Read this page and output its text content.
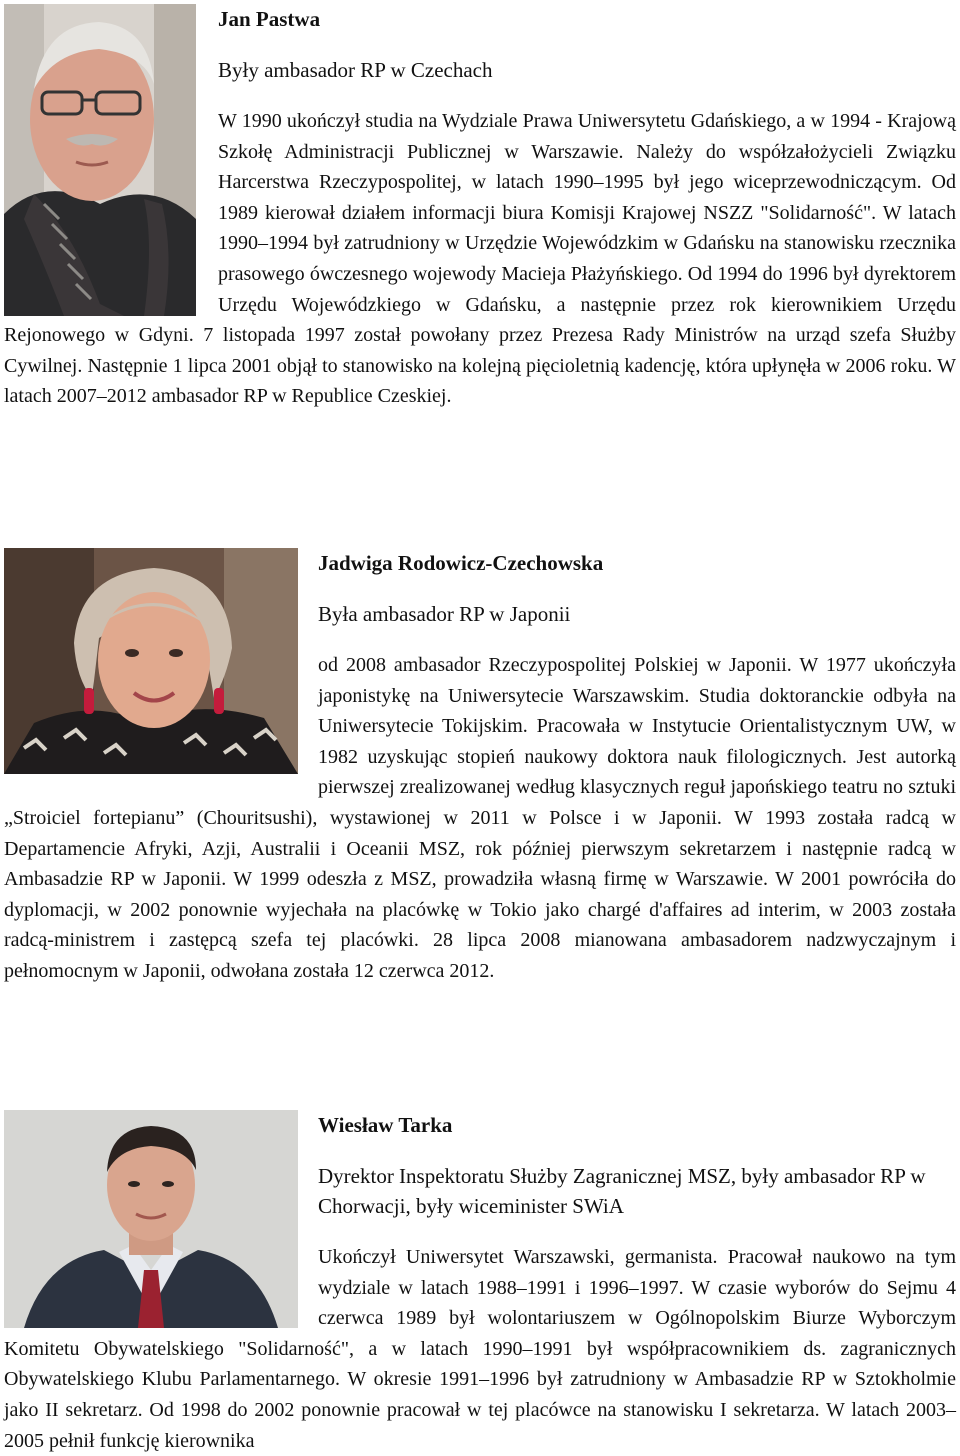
Jan Pastwa

Były ambasador RP w Czechach

W 1990 ukończył studia na Wydziale Prawa Uniwersytetu Gdańskiego, a w 1994 - Krajową Szkołę Administracji Publicznej w Warszawie. Należy do współzałożycieli Związku Harcerstwa Rzeczypospolitej, w latach 1990–1995 był jego wiceprzewodniczącym. Od 1989 kierował działem informacji biura Komisji Krajowej NSZZ "Solidarność". W latach 1990–1994 był zatrudniony w Urzędzie Wojewódzkim w Gdańsku na stanowisku rzecznika prasowego ówczesnego wojewody Macieja Płażyńskiego. Od 1994 do 1996 był dyrektorem Urzędu Wojewódzkiego w Gdańsku, a następnie przez rok kierownikiem Urzędu Rejonowego w Gdyni. 7 listopada 1997 został powołany przez Prezesa Rady Ministrów na urząd szefa Służby Cywilnej. Następnie 1 lipca 2001 objął to stanowisko na kolejną pięcioletnią kadencję, która upłynęła w 2006 roku. W latach 2007–2012 ambasador RP w Republice Czeskiej.

Jadwiga Rodowicz-Czechowska

Była ambasador RP w Japonii

od 2008 ambasador Rzeczypospolitej Polskiej w Japonii. W 1977 ukończyła japonistykę na Uniwersytecie Warszawskim. Studia doktoranckie odbyła na Uniwersytecie Tokijskim. Pracowała w Instytucie Orientalistycznym UW, w 1982 uzyskując stopień naukowy doktora nauk filologicznych. Jest autorką pierwszej zrealizowanej według klasycznych reguł japońskiego teatru no sztuki „Stroiciel fortepianu” (Chouritsushi), wystawionej w 2011 w Polsce i w Japonii. W 1993 została radcą w Departamencie Afryki, Azji, Australii i Oceanii MSZ, rok później pierwszym sekretarzem i następnie radcą w Ambasadzie RP w Japonii. W 1999 odeszła z MSZ, prowadziła własną firmę w Warszawie. W 2001 powróciła do dyplomacji, w 2002 ponownie wyjechała na placówkę w Tokio jako chargé d'affaires ad interim, w 2003 została radcą-ministrem i zastępcą szefa tej placówki. 28 lipca 2008 mianowana ambasadorem nadzwyczajnym i pełnomocnym w Japonii, odwołana została 12 czerwca 2012.

Wiesław Tarka

Dyrektor Inspektoratu Służby Zagranicznej MSZ, były ambasador RP w Chorwacji, były wiceminister SWiA

Ukończył Uniwersytet Warszawski, germanista. Pracował naukowo na tym wydziale w latach 1988–1991 i 1996–1997. W czasie wyborów do Sejmu 4 czerwca 1989 był wolontariuszem w Ogólnopolskim Biurze Wyborczym Komitetu Obywatelskiego "Solidarność", a w latach 1990–1991 był współpracownikiem ds. zagranicznych Obywatelskiego Klubu Parlamentarnego. W okresie 1991–1996 był zatrudniony w Ambasadzie RP w Sztokholmie jako II sekretarz. Od 1998 do 2002 ponownie pracował w tej placówce na stanowisku I sekretarza. W latach 2003–2005 pełnił funkcję kierownika
